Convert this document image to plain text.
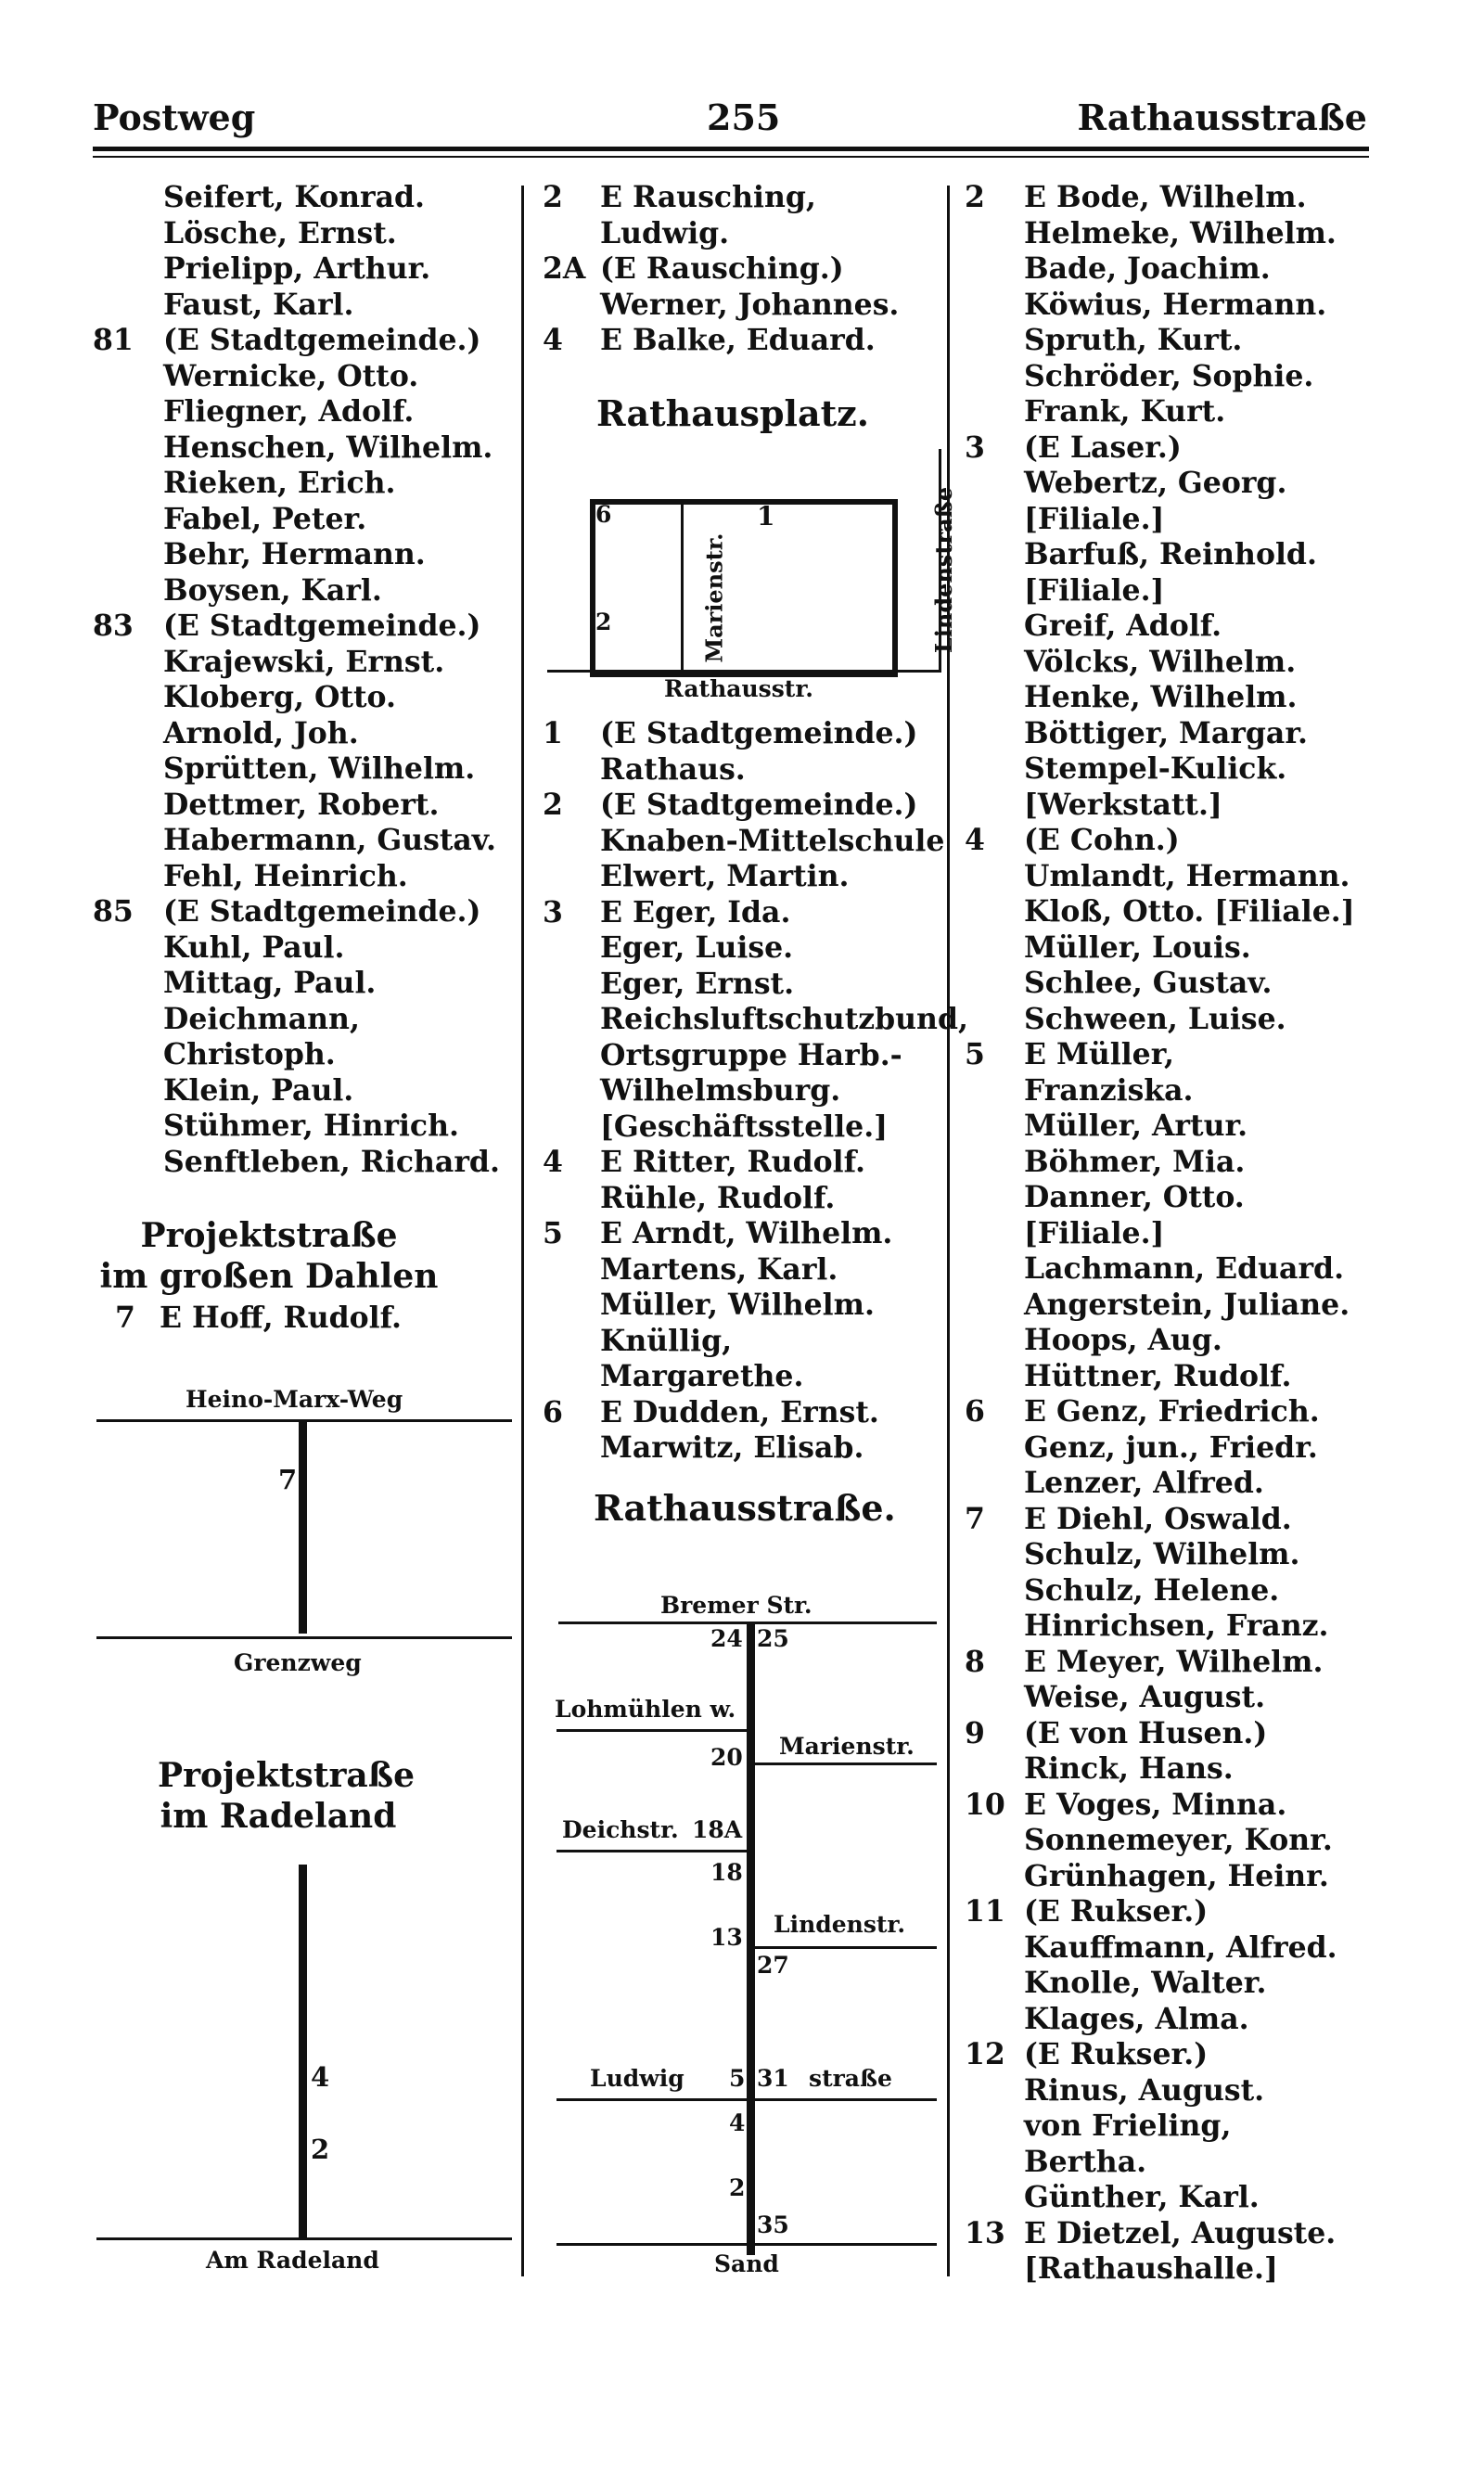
Postweg	255	Rathausstraße
Seifert, Konrad.
Lösche, Ernst.
Prielipp, Arthur.
Faust, Karl.
81	(E Stadtgemeinde.)
Wernicke, Otto.
Fliegner, Adolf.
Henschen, Wilhelm.
Rieken, Erich.
Fabel, Peter.
Behr, Hermann.
Boysen, Karl.
83	(E Stadtgemeinde.)
Krajewski, Ernst.
Kloberg, Otto.
Arnold, Joh.
Sprütten, Wilhelm.
Dettmer, Robert.
Habermann, Gustav.
Fehl, Heinrich.
85	(E Stadtgemeinde.)
Kuhl, Paul.
Mittag, Paul.
Deichmann,
Christoph.
Klein, Paul.
Stühmer, Hinrich.
Senftleben, Richard.
Projektstraße
im großen Dahlen
7 E Hoff, Rudolf.
Heino-Marx-Weg
7
Grenzweg
Projektstraße
im Radeland
4
2
Am Radeland
2	E Rausching,
Ludwig.
2A (E Rausching.)
Werner, Johannes.
4	E Balke, Eduard.
Rathausplatz.
6	1
2	Marienstr.	Lindenstraße
Rathausstr.
1	(E Stadtgemeinde.)
Rathaus.
2	(E Stadtgemeinde.)
Knaben-Mittelschule
Elwert, Martin.
3	E Eger, Ida.
Eger, Luise.
Eger, Ernst.
Reichsluftschutzbund,
Ortsgruppe Harb.-
Wilhelmsburg.
[Geschäftsstelle.]
4	E Ritter, Rudolf.
Rühle, Rudolf.
5	E Arndt, Wilhelm.
Martens, Karl.
Müller, Wilhelm.
Knüllig,
Margarethe.
6	E Dudden, Ernst.
Marwitz, Elisab.
Rathausstraße.
Bremer Str.
24 25
Lohmühlen w.
20 Marienstr.
Deichstr. 18A
18
13 Lindenstr.
27
Ludwig 5 31 straße
4
2
35
Sand
2	E Bode, Wilhelm.
Helmeke, Wilhelm.
Bade, Joachim.
Köwius, Hermann.
Spruth, Kurt.
Schröder, Sophie.
Frank, Kurt.
3	(E Laser.)
Webertz, Georg.
[Filiale.]
Barfuß, Reinhold.
[Filiale.]
Greif, Adolf.
Völcks, Wilhelm.
Henke, Wilhelm.
Böttiger, Margar.
Stempel-Kulick.
[Werkstatt.]
4	(E Cohn.)
Umlandt, Hermann.
Kloß, Otto. [Filiale.]
Müller, Louis.
Schlee, Gustav.
Schween, Luise.
5	E Müller,
Franziska.
Müller, Artur.
Böhmer, Mia.
Danner, Otto.
[Filiale.]
Lachmann, Eduard.
Angerstein, Juliane.
Hoops, Aug.
Hüttner, Rudolf.
6	E Genz, Friedrich.
Genz, jun., Friedr.
Lenzer, Alfred.
7	E Diehl, Oswald.
Schulz, Wilhelm.
Schulz, Helene.
Hinrichsen, Franz.
8	E Meyer, Wilhelm.
Weise, August.
9	(E von Husen.)
Rinck, Hans.
10 E Voges, Minna.
Sonnemeyer, Konr.
Grünhagen, Heinr.
11 (E Rukser.)
Kauffmann, Alfred.
Knolle, Walter.
Klages, Alma.
12 (E Rukser.)
Rinus, August.
von Frieling,
Bertha.
Günther, Karl.
13 E Dietzel, Auguste.
[Rathaushalle.]
